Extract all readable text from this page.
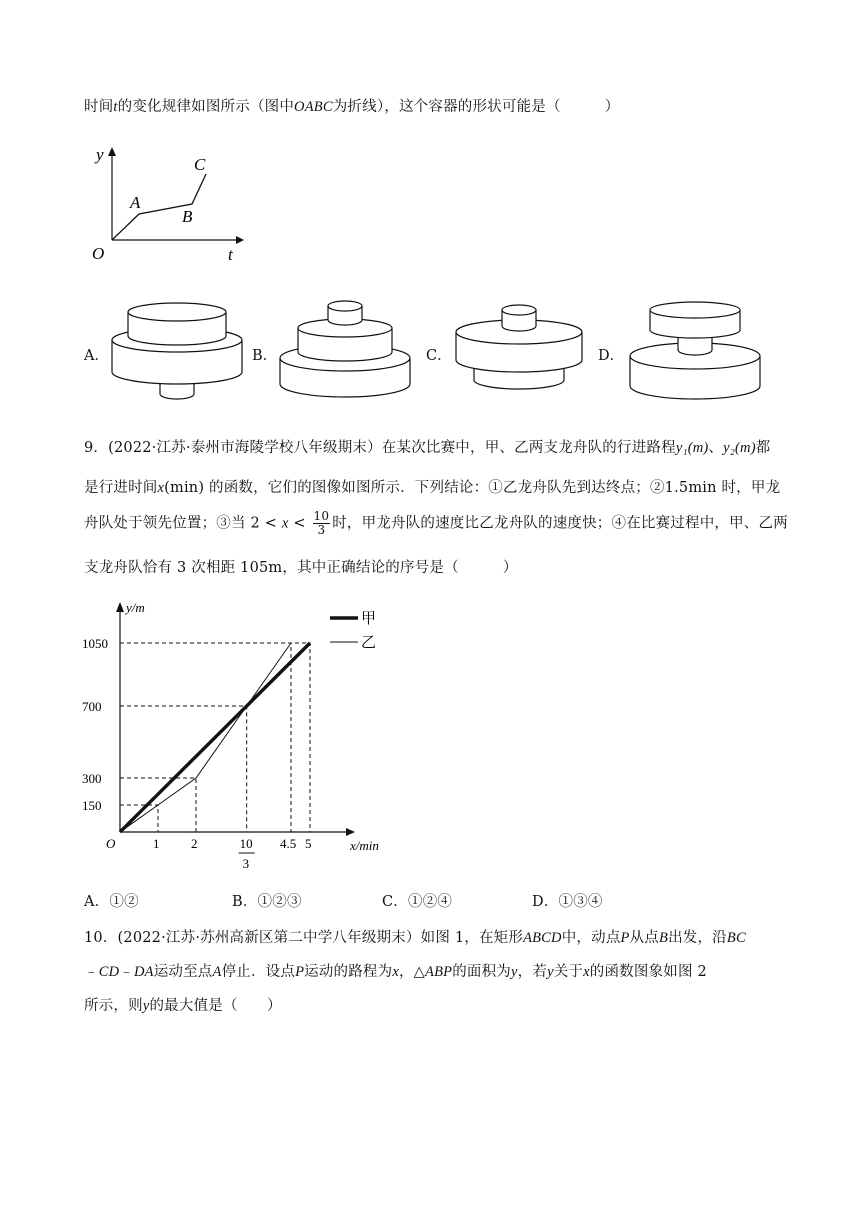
时间t的变化规律如图所示（图中OABC为折线），这个容器的形状可能是（　　　）
y
t
O
A
B
C
A．	B．	C．	D．
9．(2022·江苏·泰州市海陵学校八年级期末）在某次比赛中，甲、乙两支龙舟队的行进路程y₁(m)、y₂(m)都
是行进时间x(min) 的函数，它们的图像如图所示．下列结论：①乙龙舟队先到达终点；②1.5min 时，甲龙
舟队处于领先位置；③当 $2 < x < \frac{10}{3}$ 时，甲龙舟队的速度比乙龙舟队的速度快；④在比赛过程中，甲、乙两
支龙舟队恰有 3 次相距 105m，其中正确结论的序号是（　　　）
y/m
x/min
O
150
300
700
1050
1 2	10
3
4.5 5
甲
乙
A．①②	B．①②③	C．①②④	D．①③④
10．(2022·江苏·苏州高新区第二中学八年级期末）如图 1，在矩形ABCD中，动点P从点B出发，沿BC
﹣CD﹣DA运动至点A停止．设点P运动的路程为x，△ABP的面积为y，若y关于x的函数图象如图 2
所示，则y的最大值是（　　）
